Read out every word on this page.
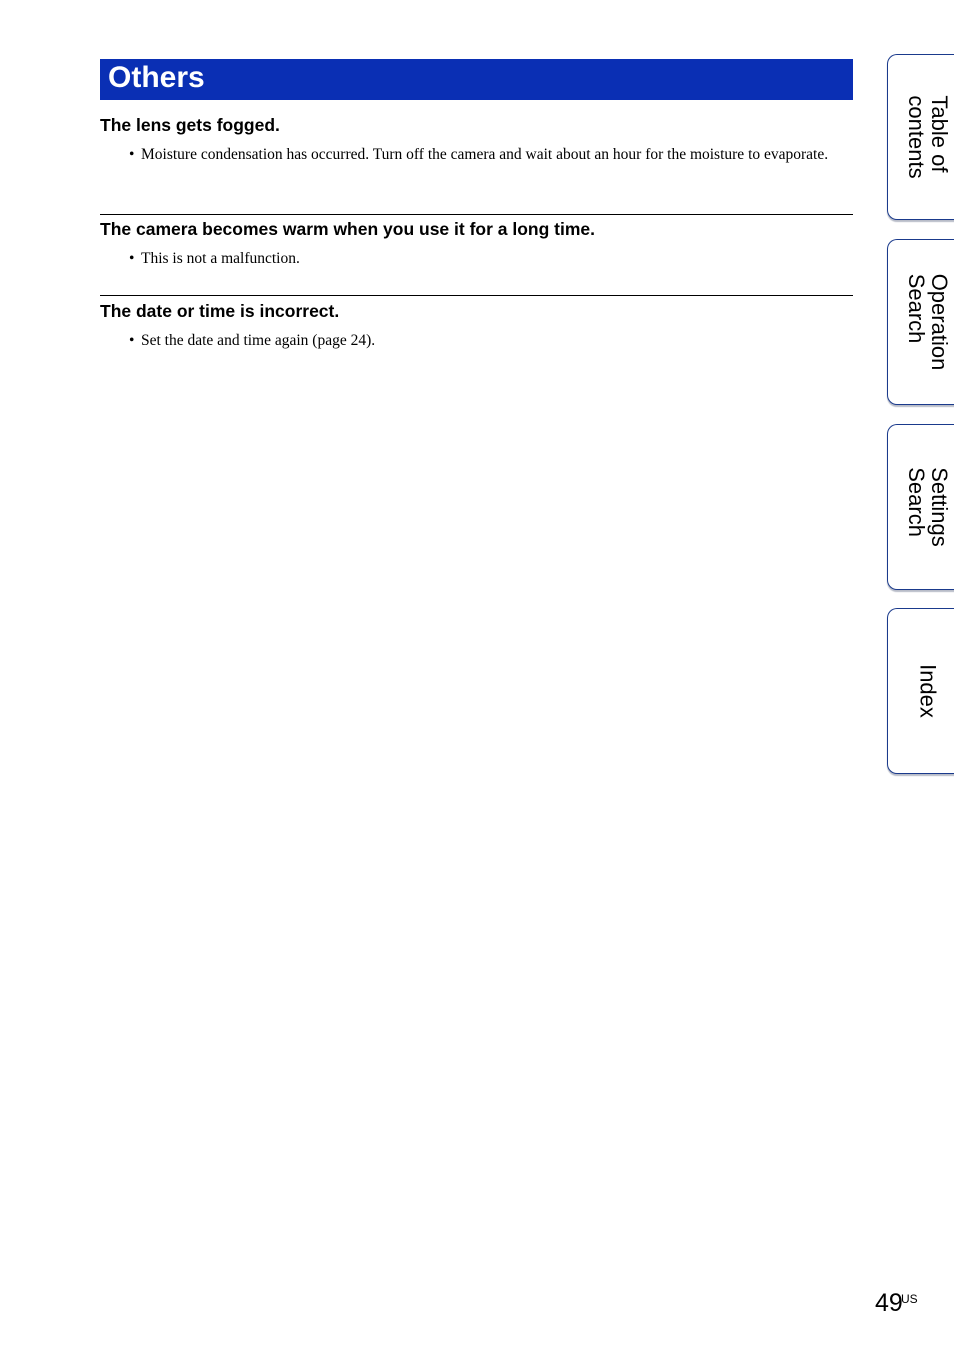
Others
The lens gets fogged.

• Moisture condensation has occurred. Turn off the camera and wait about an hour for the moisture to evaporate.

The camera becomes warm when you use it for a long time.

• This is not a malfunction.

The date or time is incorrect.

• Set the date and time again (page 24).

Table of
contents
Operation
Search
Settings
Search
Index
49
US
